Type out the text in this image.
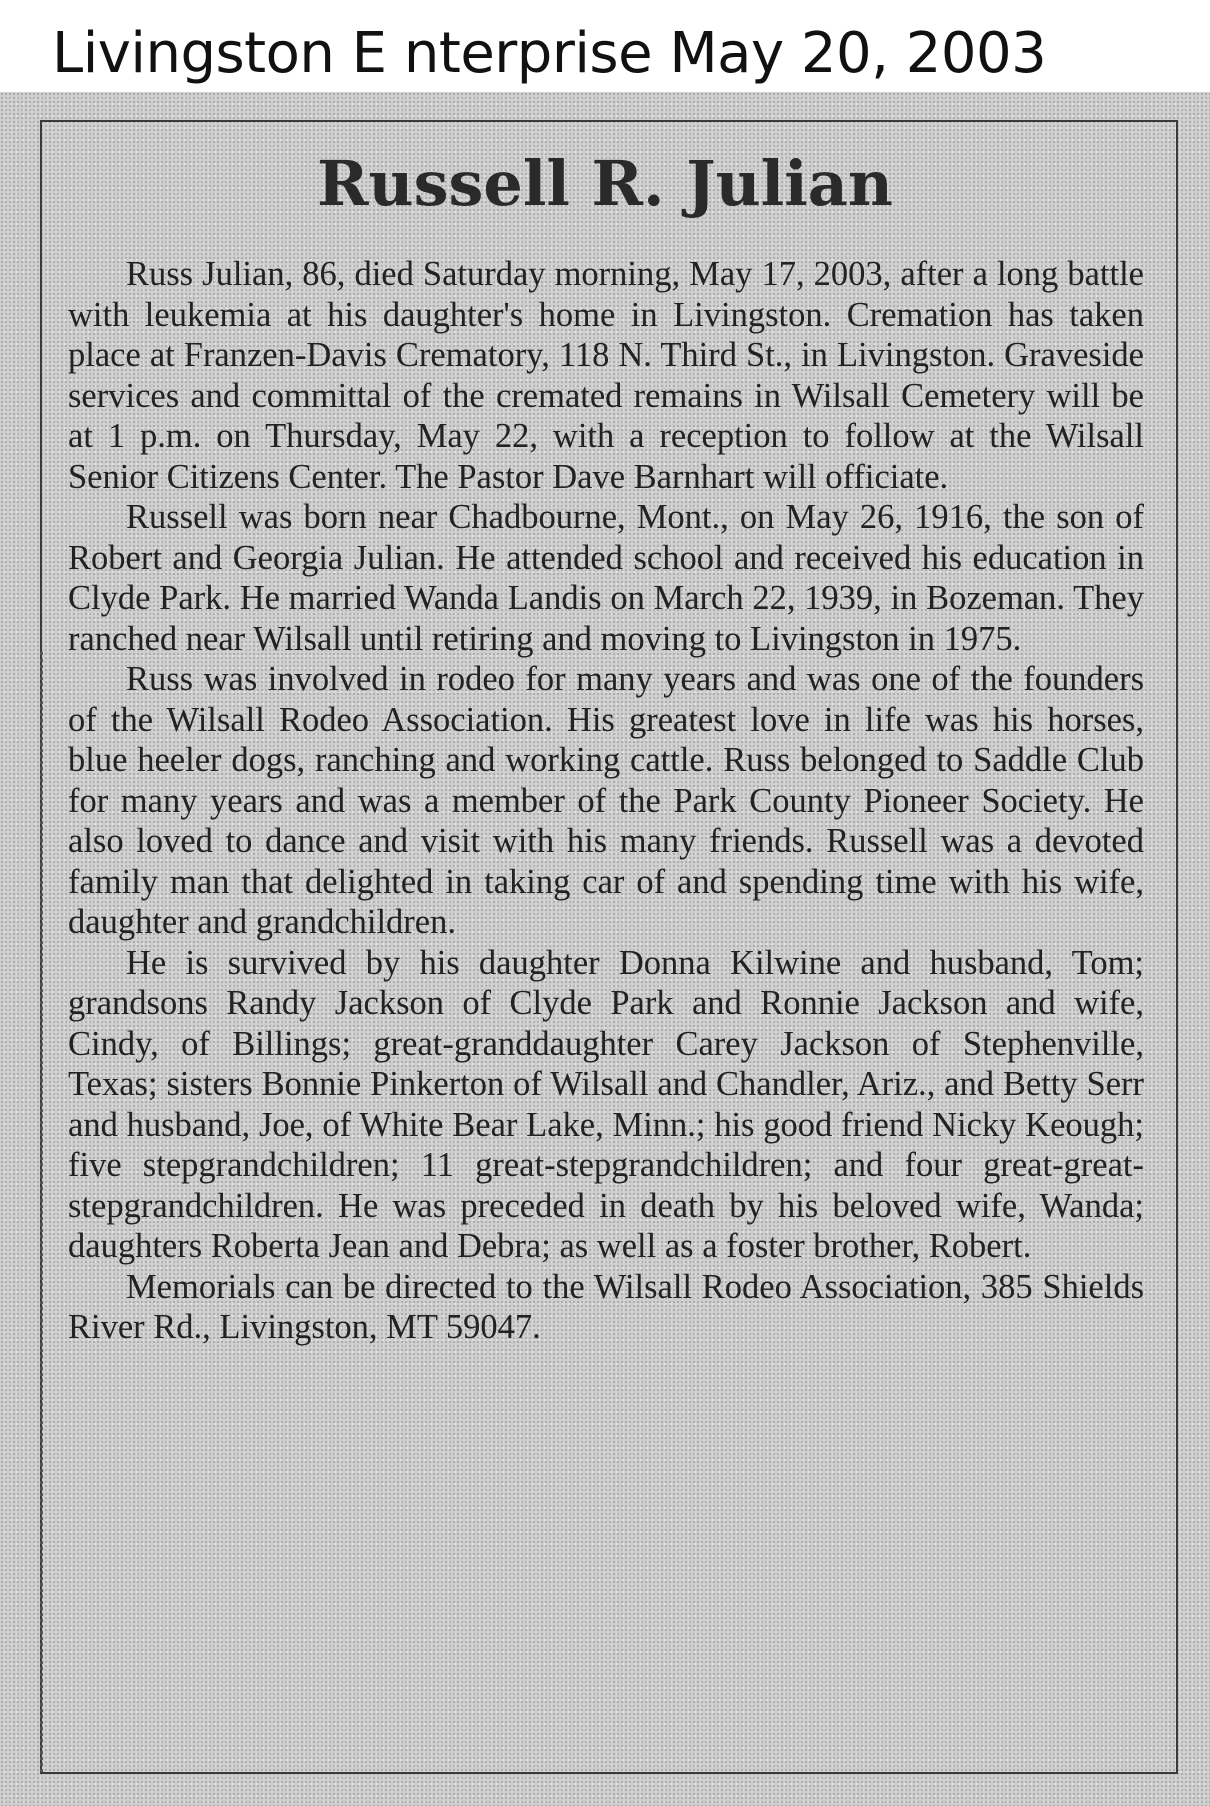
Livingston E nterprise May 20, 2003
Russell R. Julian

Russ Julian, 86, died Saturday morning, May 17, 2003, after a long battle with leukemia at his daughter's home in Livingston. Cremation has taken place at Franzen-Davis Crematory, 118 N. Third St., in Livingston. Graveside services and committal of the cremated remains in Wilsall Cemetery will be at 1 p.m. on Thursday, May 22, with a reception to follow at the Wilsall Senior Citizens Center. The Pastor Dave Barnhart will officiate.

Russell was born near Chadbourne, Mont., on May 26, 1916, the son of Robert and Georgia Julian. He attended school and received his education in Clyde Park. He married Wanda Landis on March 22, 1939, in Bozeman. They ranched near Wilsall until retiring and moving to Livingston in 1975.

Russ was involved in rodeo for many years and was one of the founders of the Wilsall Rodeo Association. His greatest love in life was his horses, blue heeler dogs, ranching and working cattle. Russ belonged to Saddle Club for many years and was a member of the Park County Pioneer Society. He also loved to dance and visit with his many friends. Russell was a devoted family man that delighted in taking car of and spending time with his wife, daughter and grandchildren.

He is survived by his daughter Donna Kilwine and husband, Tom; grandsons Randy Jackson of Clyde Park and Ronnie Jackson and wife, Cindy, of Billings; great-granddaughter Carey Jackson of Stephenville, Texas; sisters Bonnie Pinkerton of Wilsall and Chandler, Ariz., and Betty Serr and husband, Joe, of White Bear Lake, Minn.; his good friend Nicky Keough; five stepgrandchildren; 11 great-stepgrandchildren; and four great-great-stepgrandchildren. He was preceded in death by his beloved wife, Wanda; daughters Roberta Jean and Debra; as well as a foster brother, Robert.

Memorials can be directed to the Wilsall Rodeo Association, 385 Shields River Rd., Livingston, MT 59047.
